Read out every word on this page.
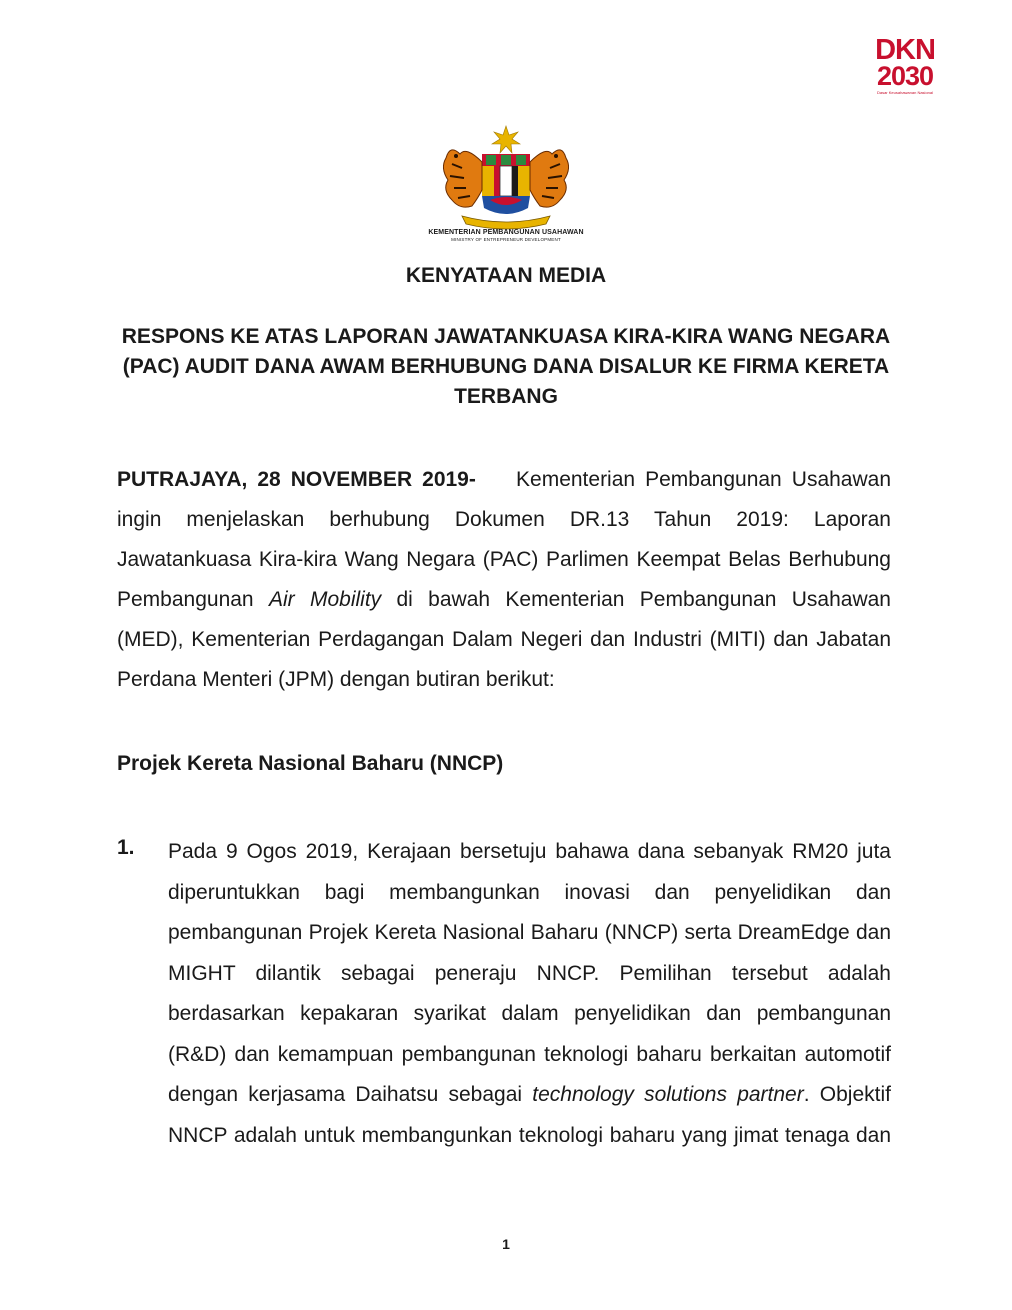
DKN
2030
Dasar Keusahawanan Nasional
KEMENTERIAN PEMBANGUNAN USAHAWAN
MINISTRY OF ENTREPRENEUR DEVELOPMENT
KENYATAAN MEDIA
RESPONS KE ATAS LAPORAN JAWATANKUASA KIRA-KIRA WANG NEGARA (PAC) AUDIT DANA AWAM BERHUBUNG DANA DISALUR KE FIRMA KERETA TERBANG

PUTRAJAYA, 28 NOVEMBER 2019- Kementerian Pembangunan Usahawan ingin menjelaskan berhubung Dokumen DR.13 Tahun 2019: Laporan Jawatankuasa Kira-kira Wang Negara (PAC) Parlimen Keempat Belas Berhubung Pembangunan Air Mobility di bawah Kementerian Pembangunan Usahawan (MED), Kementerian Perdagangan Dalam Negeri dan Industri (MITI) dan Jabatan Perdana Menteri (JPM) dengan butiran berikut:

Projek Kereta Nasional Baharu (NNCP)
1. Pada 9 Ogos 2019, Kerajaan bersetuju bahawa dana sebanyak RM20 juta diperuntukkan bagi membangunkan inovasi dan penyelidikan dan pembangunan Projek Kereta Nasional Baharu (NNCP) serta DreamEdge dan MIGHT dilantik sebagai peneraju NNCP. Pemilihan tersebut adalah berdasarkan kepakaran syarikat dalam penyelidikan dan pembangunan (R&D) dan kemampuan pembangunan teknologi baharu berkaitan automotif dengan kerjasama Daihatsu sebagai technology solutions partner. Objektif NNCP adalah untuk membangunkan teknologi baharu yang jimat tenaga dan

1
